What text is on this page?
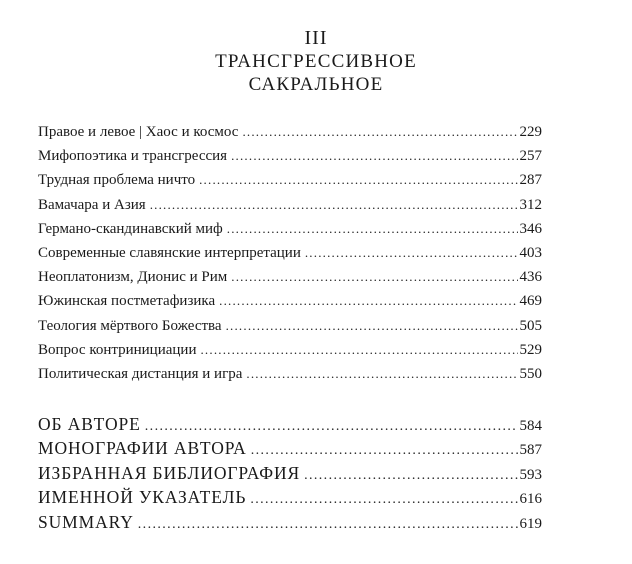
III
ТРАНСГРЕССИВНОЕ
САКРАЛЬНОЕ
Правое и левое | Хаос и космос .....	229
Мифопоэтика и трансгрессия .....	257
Трудная проблема ничто .....	287
Вамачара и Азия .....	312
Германо-скандинавский миф .....	346
Современные славянские интерпретации .....	403
Неоплатонизм, Дионис и Рим .....	436
Южинская постметафизика .....	469
Теология мёртвого Божества .....	505
Вопрос контринициации .....	529
Политическая дистанция и игра .....	550
ОБ АВТОРЕ .....	584
МОНОГРАФИИ АВТОРА .....	587
ИЗБРАННАЯ БИБЛИОГРАФИЯ .....	593
ИМЕННОЙ УКАЗАТЕЛЬ .....	616
SUMMARY .....	619
